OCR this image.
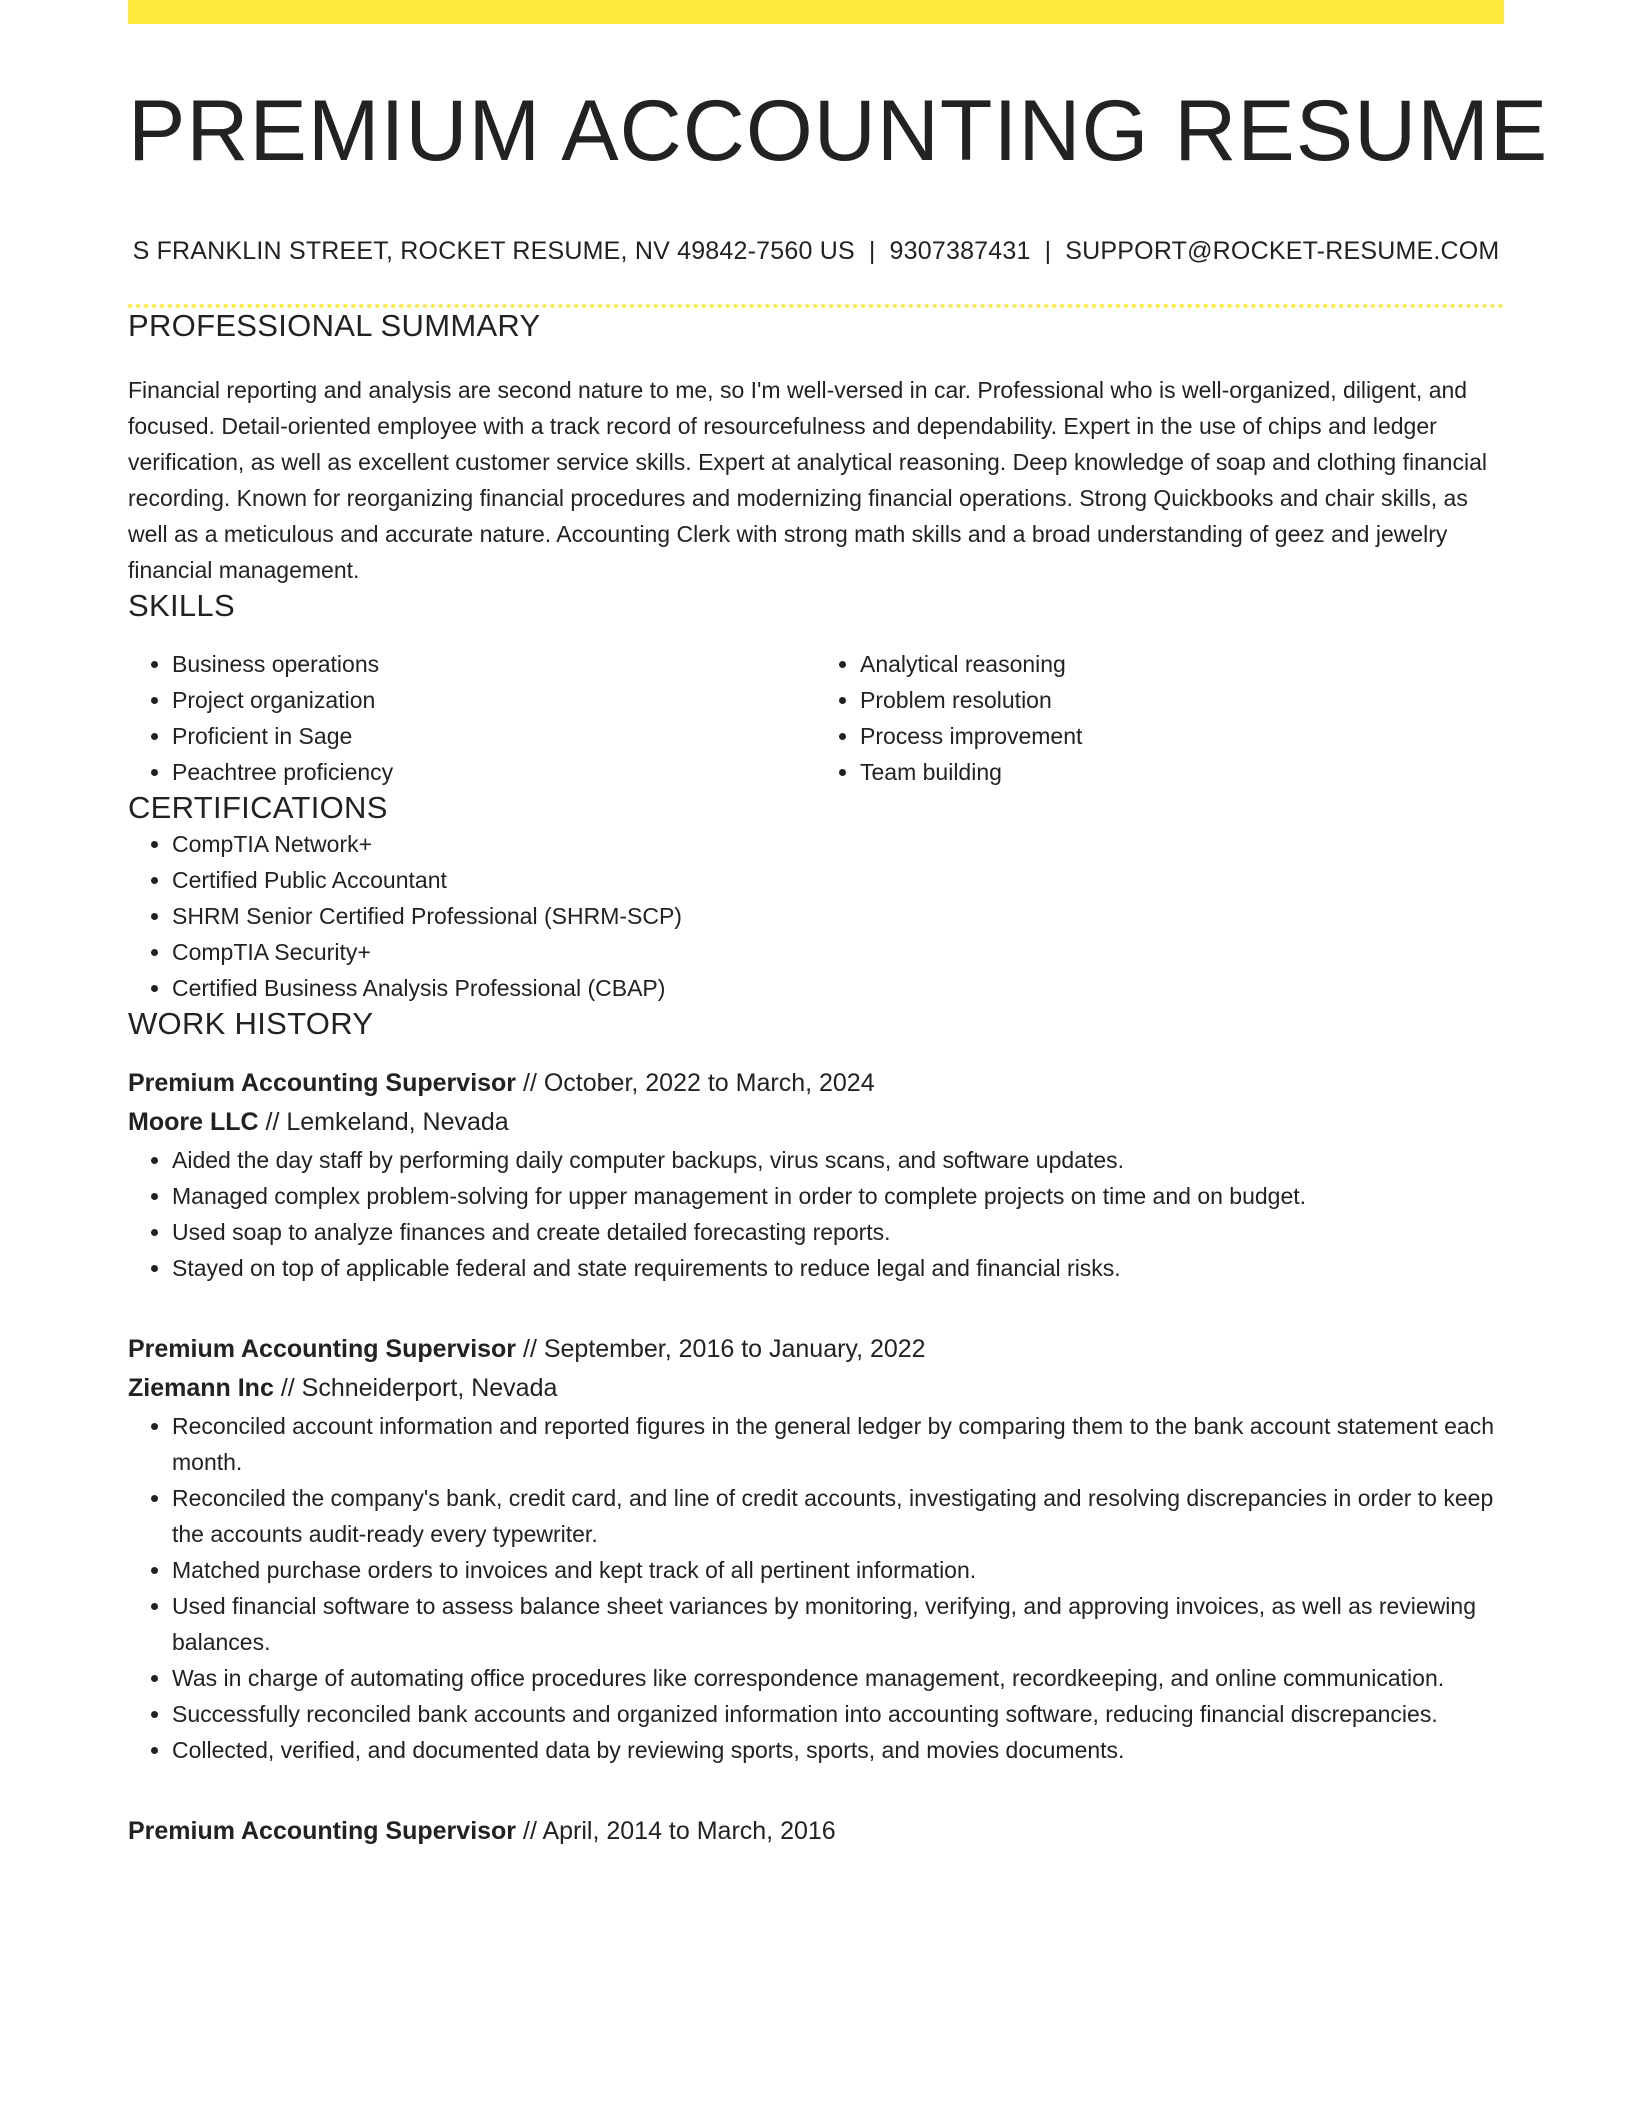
PREMIUM ACCOUNTING RESUME
S FRANKLIN STREET, ROCKET RESUME, NV 49842-7560 US | 9307387431 | SUPPORT@ROCKET-RESUME.COM
PROFESSIONAL SUMMARY

Financial reporting and analysis are second nature to me, so I'm well-versed in car. Professional who is well-organized, diligent, and focused. Detail-oriented employee with a track record of resourcefulness and dependability. Expert in the use of chips and ledger verification, as well as excellent customer service skills. Expert at analytical reasoning. Deep knowledge of soap and clothing financial recording. Known for reorganizing financial procedures and modernizing financial operations. Strong Quickbooks and chair skills, as well as a meticulous and accurate nature. Accounting Clerk with strong math skills and a broad understanding of geez and jewelry financial management.

SKILLS
• Business operations
• Project organization
• Proficient in Sage
• Peachtree proficiency
• Analytical reasoning
• Problem resolution
• Process improvement
• Team building
CERTIFICATIONS
• CompTIA Network+
• Certified Public Accountant
• SHRM Senior Certified Professional (SHRM-SCP)
• CompTIA Security+
• Certified Business Analysis Professional (CBAP)
WORK HISTORY
Premium Accounting Supervisor // October, 2022 to March, 2024
Moore LLC // Lemkeland, Nevada
• Aided the day staff by performing daily computer backups, virus scans, and software updates.
• Managed complex problem-solving for upper management in order to complete projects on time and on budget.
• Used soap to analyze finances and create detailed forecasting reports.
• Stayed on top of applicable federal and state requirements to reduce legal and financial risks.
Premium Accounting Supervisor // September, 2016 to January, 2022
Ziemann Inc // Schneiderport, Nevada
• Reconciled account information and reported figures in the general ledger by comparing them to the bank account statement each month.
• Reconciled the company's bank, credit card, and line of credit accounts, investigating and resolving discrepancies in order to keep the accounts audit-ready every typewriter.
• Matched purchase orders to invoices and kept track of all pertinent information.
• Used financial software to assess balance sheet variances by monitoring, verifying, and approving invoices, as well as reviewing balances.
• Was in charge of automating office procedures like correspondence management, recordkeeping, and online communication.
• Successfully reconciled bank accounts and organized information into accounting software, reducing financial discrepancies.
• Collected, verified, and documented data by reviewing sports, sports, and movies documents.
Premium Accounting Supervisor // April, 2014 to March, 2016
